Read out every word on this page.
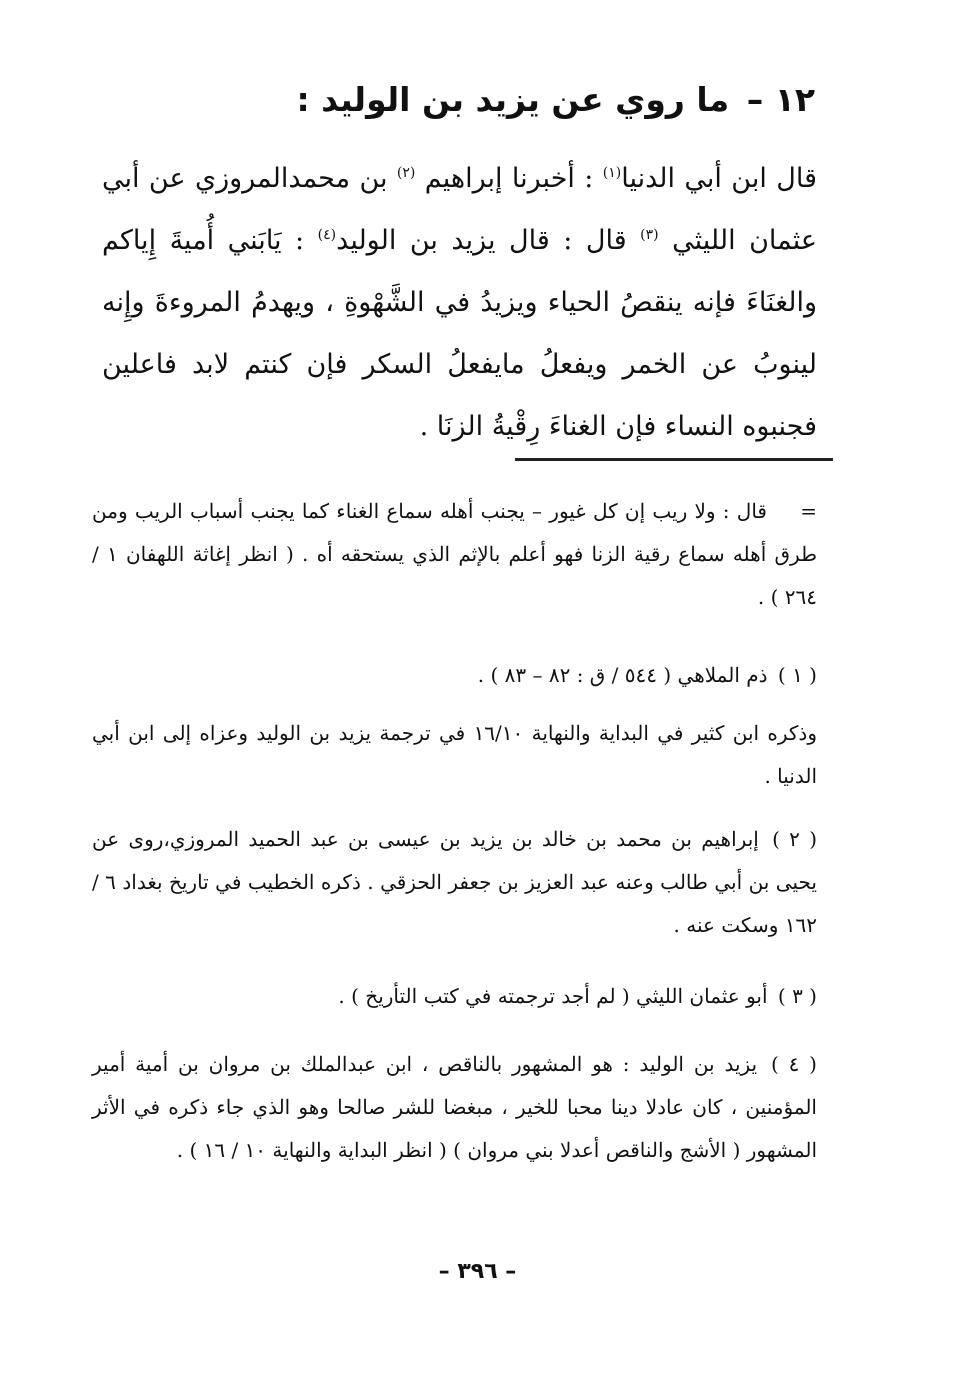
١٢ – ما روي عن يزيد بن الوليد :
قال ابن أبي الدنيا$^{(١)}$ : أخبرنا إبراهيم $^{(٢)}$ بن محمدالمروزي عن أبي عثمان الليثي $^{(٣)}$ قال : قال يزيد بن الوليد$^{(٤)}$ : يَابَني أُميةَ إِياكم والغنَاءَ فإنه ينقصُ الحياء ويزيدُ في الشَّهْوةِ ، ويهدمُ المروءةَ وإِنه لينوبُ عن الخمر ويفعلُ مايفعلُ السكر فإن كنتم لابد فاعلين فجنبوه النساء فإن الغناءَ رِقْيةُ الزنَا .
= قال : ولا ريب إن كل غيور – يجنب أهله سماع الغناء كما يجنب أسباب الريب ومن طرق أهله سماع رقية الزنا فهو أعلم بالإثم الذي يستحقه أه . ( انظر إغاثة اللهفان ١ / ٢٦٤ ) .
( ١ ) ذم الملاهي ( ٥٤٤ / ق : ٨٢ – ٨٣ ) .
وذكره ابن كثير في البداية والنهاية ١٦/١٠ في ترجمة يزيد بن الوليد وعزاه إلى ابن أبي الدنيا .
( ٢ ) إبراهيم بن محمد بن خالد بن يزيد بن عيسى بن عبد الحميد المروزي،روى عن يحيى بن أبي طالب وعنه عبد العزيز بن جعفر الحزقي . ذكره الخطيب في تاريخ بغداد ٦ / ١٦٢ وسكت عنه .
( ٣ ) أبو عثمان الليثي ( لم أجد ترجمته في كتب التأريخ ) .
( ٤ ) يزيد بن الوليد : هو المشهور بالناقص ، ابن عبدالملك بن مروان بن أمية أمير المؤمنين ، كان عادلا دينا محبا للخير ، مبغضا للشر صالحا وهو الذي جاء ذكره في الأثر المشهور ( الأشج والناقص أعدلا بني مروان ) ( انظر البداية والنهاية ١٠ / ١٦ ) .
– ٣٩٦ –
